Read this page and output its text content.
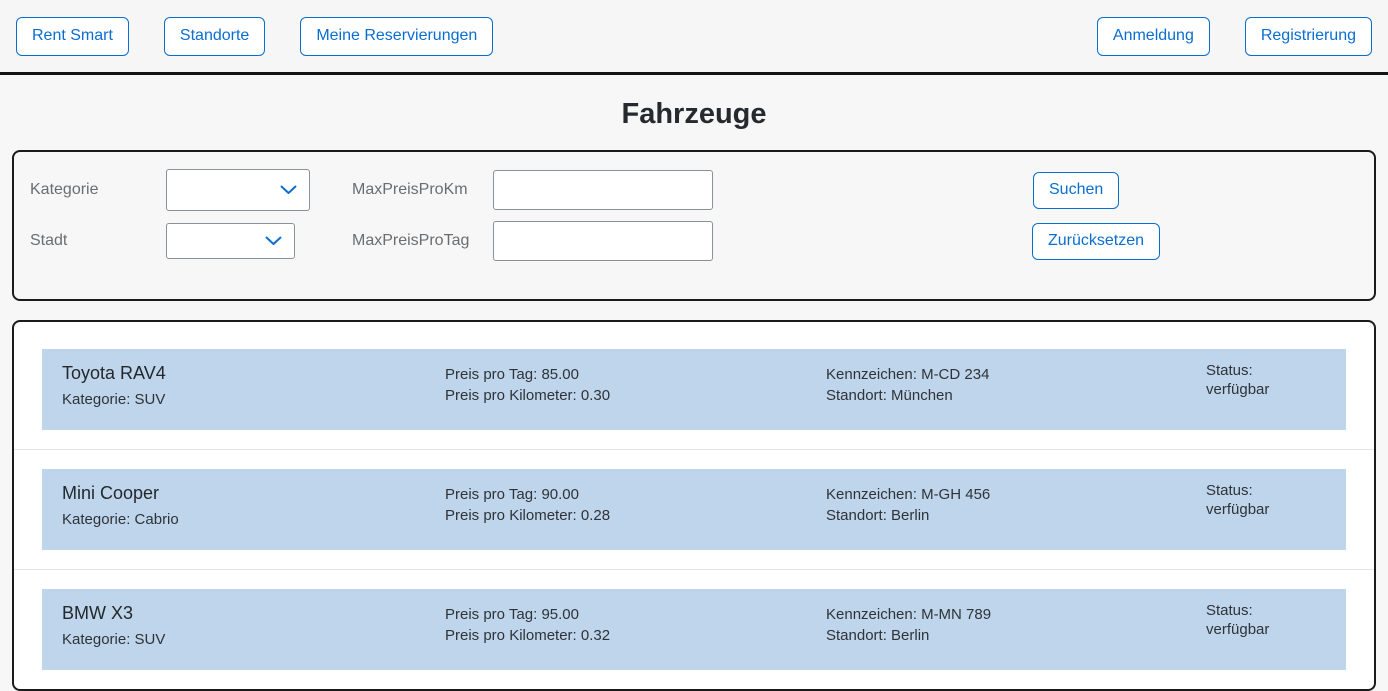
Rent Smart	Standorte	Meine Reservierungen	Anmeldung	Registrierung
Fahrzeuge
Kategorie	MaxPreisProKm	Suchen
Stadt	MaxPreisProTag	Zurücksetzen
Toyota RAV4
Kategorie: SUV
Preis pro Tag: 85.00
Preis pro Kilometer: 0.30
Kennzeichen: M-CD 234
Standort: München
Status: verfügbar
Mini Cooper
Kategorie: Cabrio
Preis pro Tag: 90.00
Preis pro Kilometer: 0.28
Kennzeichen: M-GH 456
Standort: Berlin
Status: verfügbar
BMW X3
Kategorie: SUV
Preis pro Tag: 95.00
Preis pro Kilometer: 0.32
Kennzeichen: M-MN 789
Standort: Berlin
Status: verfügbar
